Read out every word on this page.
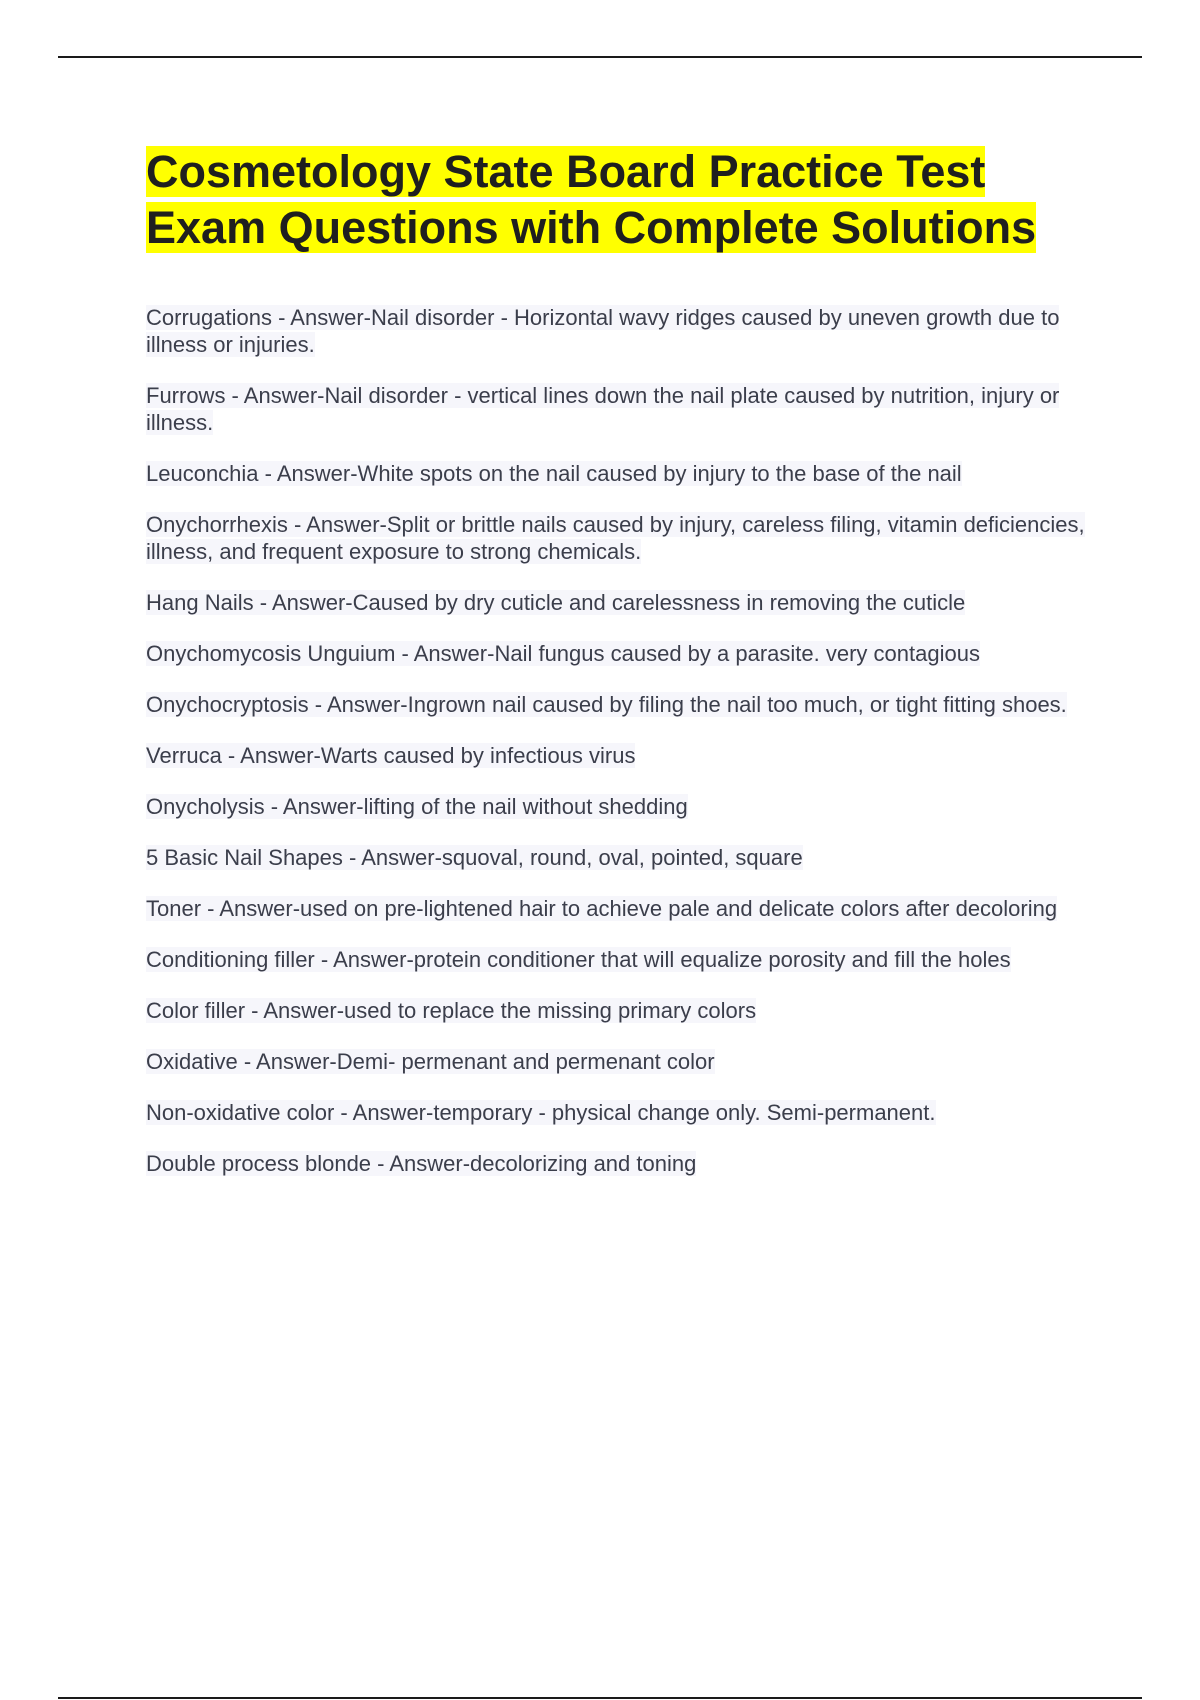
Cosmetology State Board Practice Test Exam Questions with Complete Solutions

Corrugations - Answer-Nail disorder - Horizontal wavy ridges caused by uneven growth due to illness or injuries.

Furrows - Answer-Nail disorder - vertical lines down the nail plate caused by nutrition, injury or illness.

Leuconchia - Answer-White spots on the nail caused by injury to the base of the nail

Onychorrhexis - Answer-Split or brittle nails caused by injury, careless filing, vitamin deficiencies, illness, and frequent exposure to strong chemicals.

Hang Nails - Answer-Caused by dry cuticle and carelessness in removing the cuticle

Onychomycosis Unguium - Answer-Nail fungus caused by a parasite. very contagious

Onychocryptosis - Answer-Ingrown nail caused by filing the nail too much, or tight fitting shoes.

Verruca - Answer-Warts caused by infectious virus

Onycholysis - Answer-lifting of the nail without shedding

5 Basic Nail Shapes - Answer-squoval, round, oval, pointed, square

Toner - Answer-used on pre-lightened hair to achieve pale and delicate colors after decoloring

Conditioning filler - Answer-protein conditioner that will equalize porosity and fill the holes

Color filler - Answer-used to replace the missing primary colors

Oxidative - Answer-Demi- permenant and permenant color

Non-oxidative color - Answer-temporary - physical change only. Semi-permanent.

Double process blonde - Answer-decolorizing and toning
